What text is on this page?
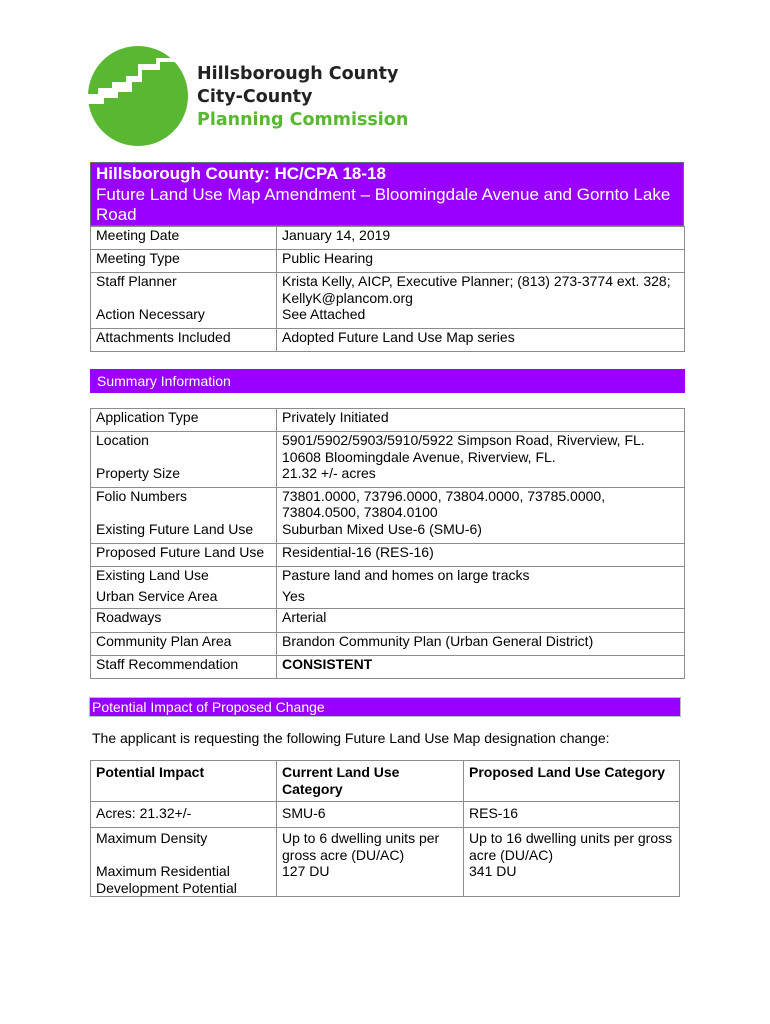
Hillsborough County
City-County
Planning Commission
Hillsborough County: HC/CPA 18-18
Future Land Use Map Amendment – Bloomingdale Avenue and Gornto Lake Road
Meeting Date	January 14, 2019
Meeting Type	Public Hearing
Staff Planner	Krista Kelly, AICP, Executive Planner; (813) 273-3774 ext. 328; KellyK@plancom.org
Action Necessary	See Attached
Attachments Included	Adopted Future Land Use Map series
Summary Information
Application Type	Privately Initiated
Location	5901/5902/5903/5910/5922 Simpson Road, Riverview, FL. 10608 Bloomingdale Avenue, Riverview, FL.
Property Size	21.32 +/- acres
Folio Numbers	73801.0000, 73796.0000, 73804.0000, 73785.0000, 73804.0500, 73804.0100
Existing Future Land Use	Suburban Mixed Use-6 (SMU-6)
Proposed Future Land Use	Residential-16 (RES-16)
Existing Land Use	Pasture land and homes on large tracks
Urban Service Area	Yes
Roadways	Arterial
Community Plan Area	Brandon Community Plan (Urban General District)
Staff Recommendation	CONSISTENT
Potential Impact of Proposed Change
The applicant is requesting the following Future Land Use Map designation change:
Potential Impact	Current Land Use Category	Proposed Land Use Category
Acres: 21.32+/-	SMU-6	RES-16
Maximum Density	Up to 6 dwelling units per gross acre (DU/AC)	Up to 16 dwelling units per gross acre (DU/AC)
Maximum Residential Development Potential	127 DU	341 DU
